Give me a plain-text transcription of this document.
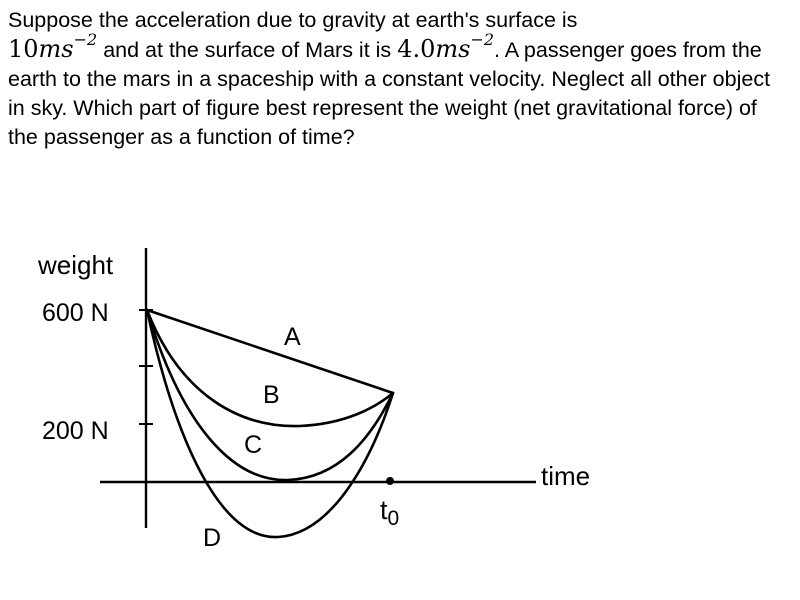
Suppose the acceleration due to gravity at earth's surface is
$10ms^{-2}$ and at the surface of Mars it is $4.0ms^{-2}$. A passenger goes from the earth to the mars in a spaceship with a constant velocity. Neglect all other object in sky. Which part of figure best represent the weight (net gravitational force) of the passenger as a function of time?
weight
time
600 N
200 N
$t_0$
A
B
C
D
